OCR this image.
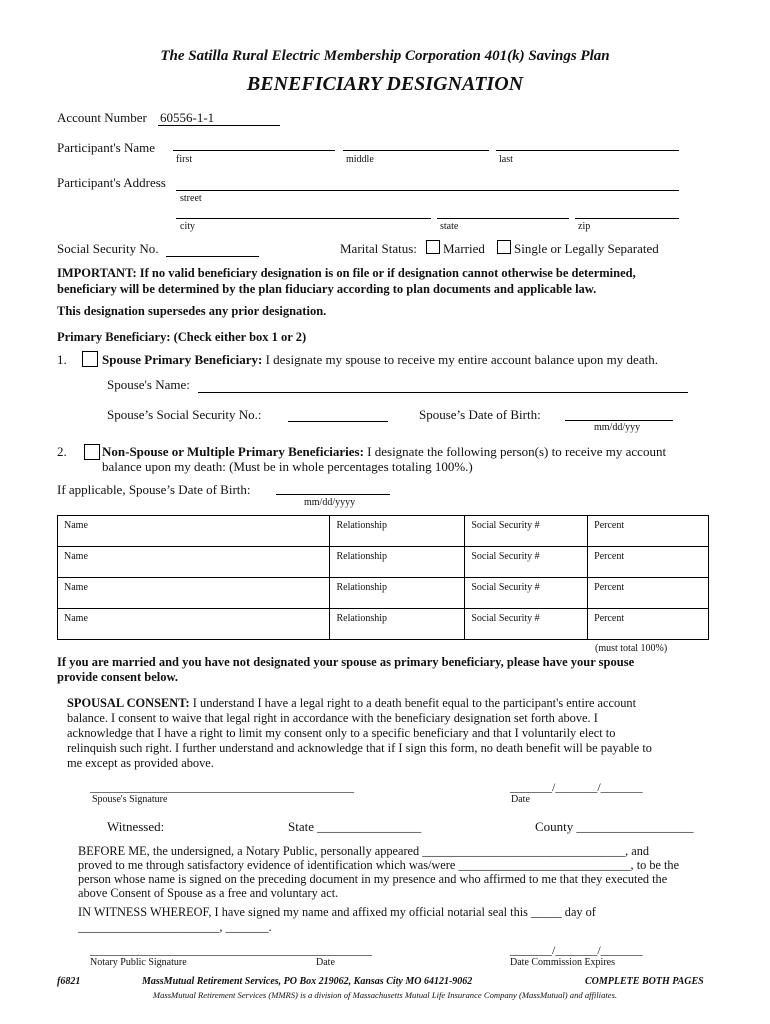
The Satilla Rural Electric Membership Corporation 401(k) Savings Plan
BENEFICIARY DESIGNATION
Account Number 60556-1-1
Participant's Name
first	middle	last
Participant's Address
street
city	state	zip
Social Security No.	Marital Status: Married Single or Legally Separated
IMPORTANT: If no valid beneficiary designation is on file or if designation cannot otherwise be determined,
beneficiary will be determined by the plan fiduciary according to plan documents and applicable law.
This designation supersedes any prior designation.
Primary Beneficiary: (Check either box 1 or 2)
1.	Spouse Primary Beneficiary: I designate my spouse to receive my entire account balance upon my death.
Spouse's Name:
Spouse’s Social Security No.:	Spouse’s Date of Birth:
mm/dd/yyy
2.	Non-Spouse or Multiple Primary Beneficiaries: I designate the following person(s) to receive my account
balance upon my death: (Must be in whole percentages totaling 100%.)
If applicable, Spouse’s Date of Birth:
mm/dd/yyyy
Name	Relationship	Social Security #	Percent
Name	Relationship	Social Security #	Percent
Name	Relationship	Social Security #	Percent
Name	Relationship	Social Security #	Percent
(must total 100%)
If you are married and you have not designated your spouse as primary beneficiary, please have your spouse
provide consent below.
SPOUSAL CONSENT: I understand I have a legal right to a death benefit equal to the participant's entire account
balance. I consent to waive that legal right in accordance with the beneficiary designation set forth above. I
acknowledge that I have a right to limit my consent only to a specific beneficiary and that I voluntarily elect to
relinquish such right. I further understand and acknowledge that if I sign this form, no death benefit will be payable to
me except as provided above.
____________________________________________	_______/_______/_______
Spouse's Signature	Date
Witnessed:	State ________________	County __________________
BEFORE ME, the undersigned, a Notary Public, personally appeared _________________________________, and
proved to me through satisfactory evidence of identification which was/were ____________________________, to be the
person whose name is signed on the preceding document in my presence and who affirmed to me that they executed the
above Consent of Spouse as a free and voluntary act.
IN WITNESS WHEREOF, I have signed my name and affixed my official notarial seal this _____ day of
_______________________, _______.
_______________________________________________	_______/_______/_______
Notary Public Signature	Date	Date Commission Expires
f6821	MassMutual Retirement Services, PO Box 219062, Kansas City MO 64121-9062	COMPLETE BOTH PAGES
MassMutual Retirement Services (MMRS) is a division of Massachusetts Mutual Life Insurance Company (MassMutual) and affiliates.
